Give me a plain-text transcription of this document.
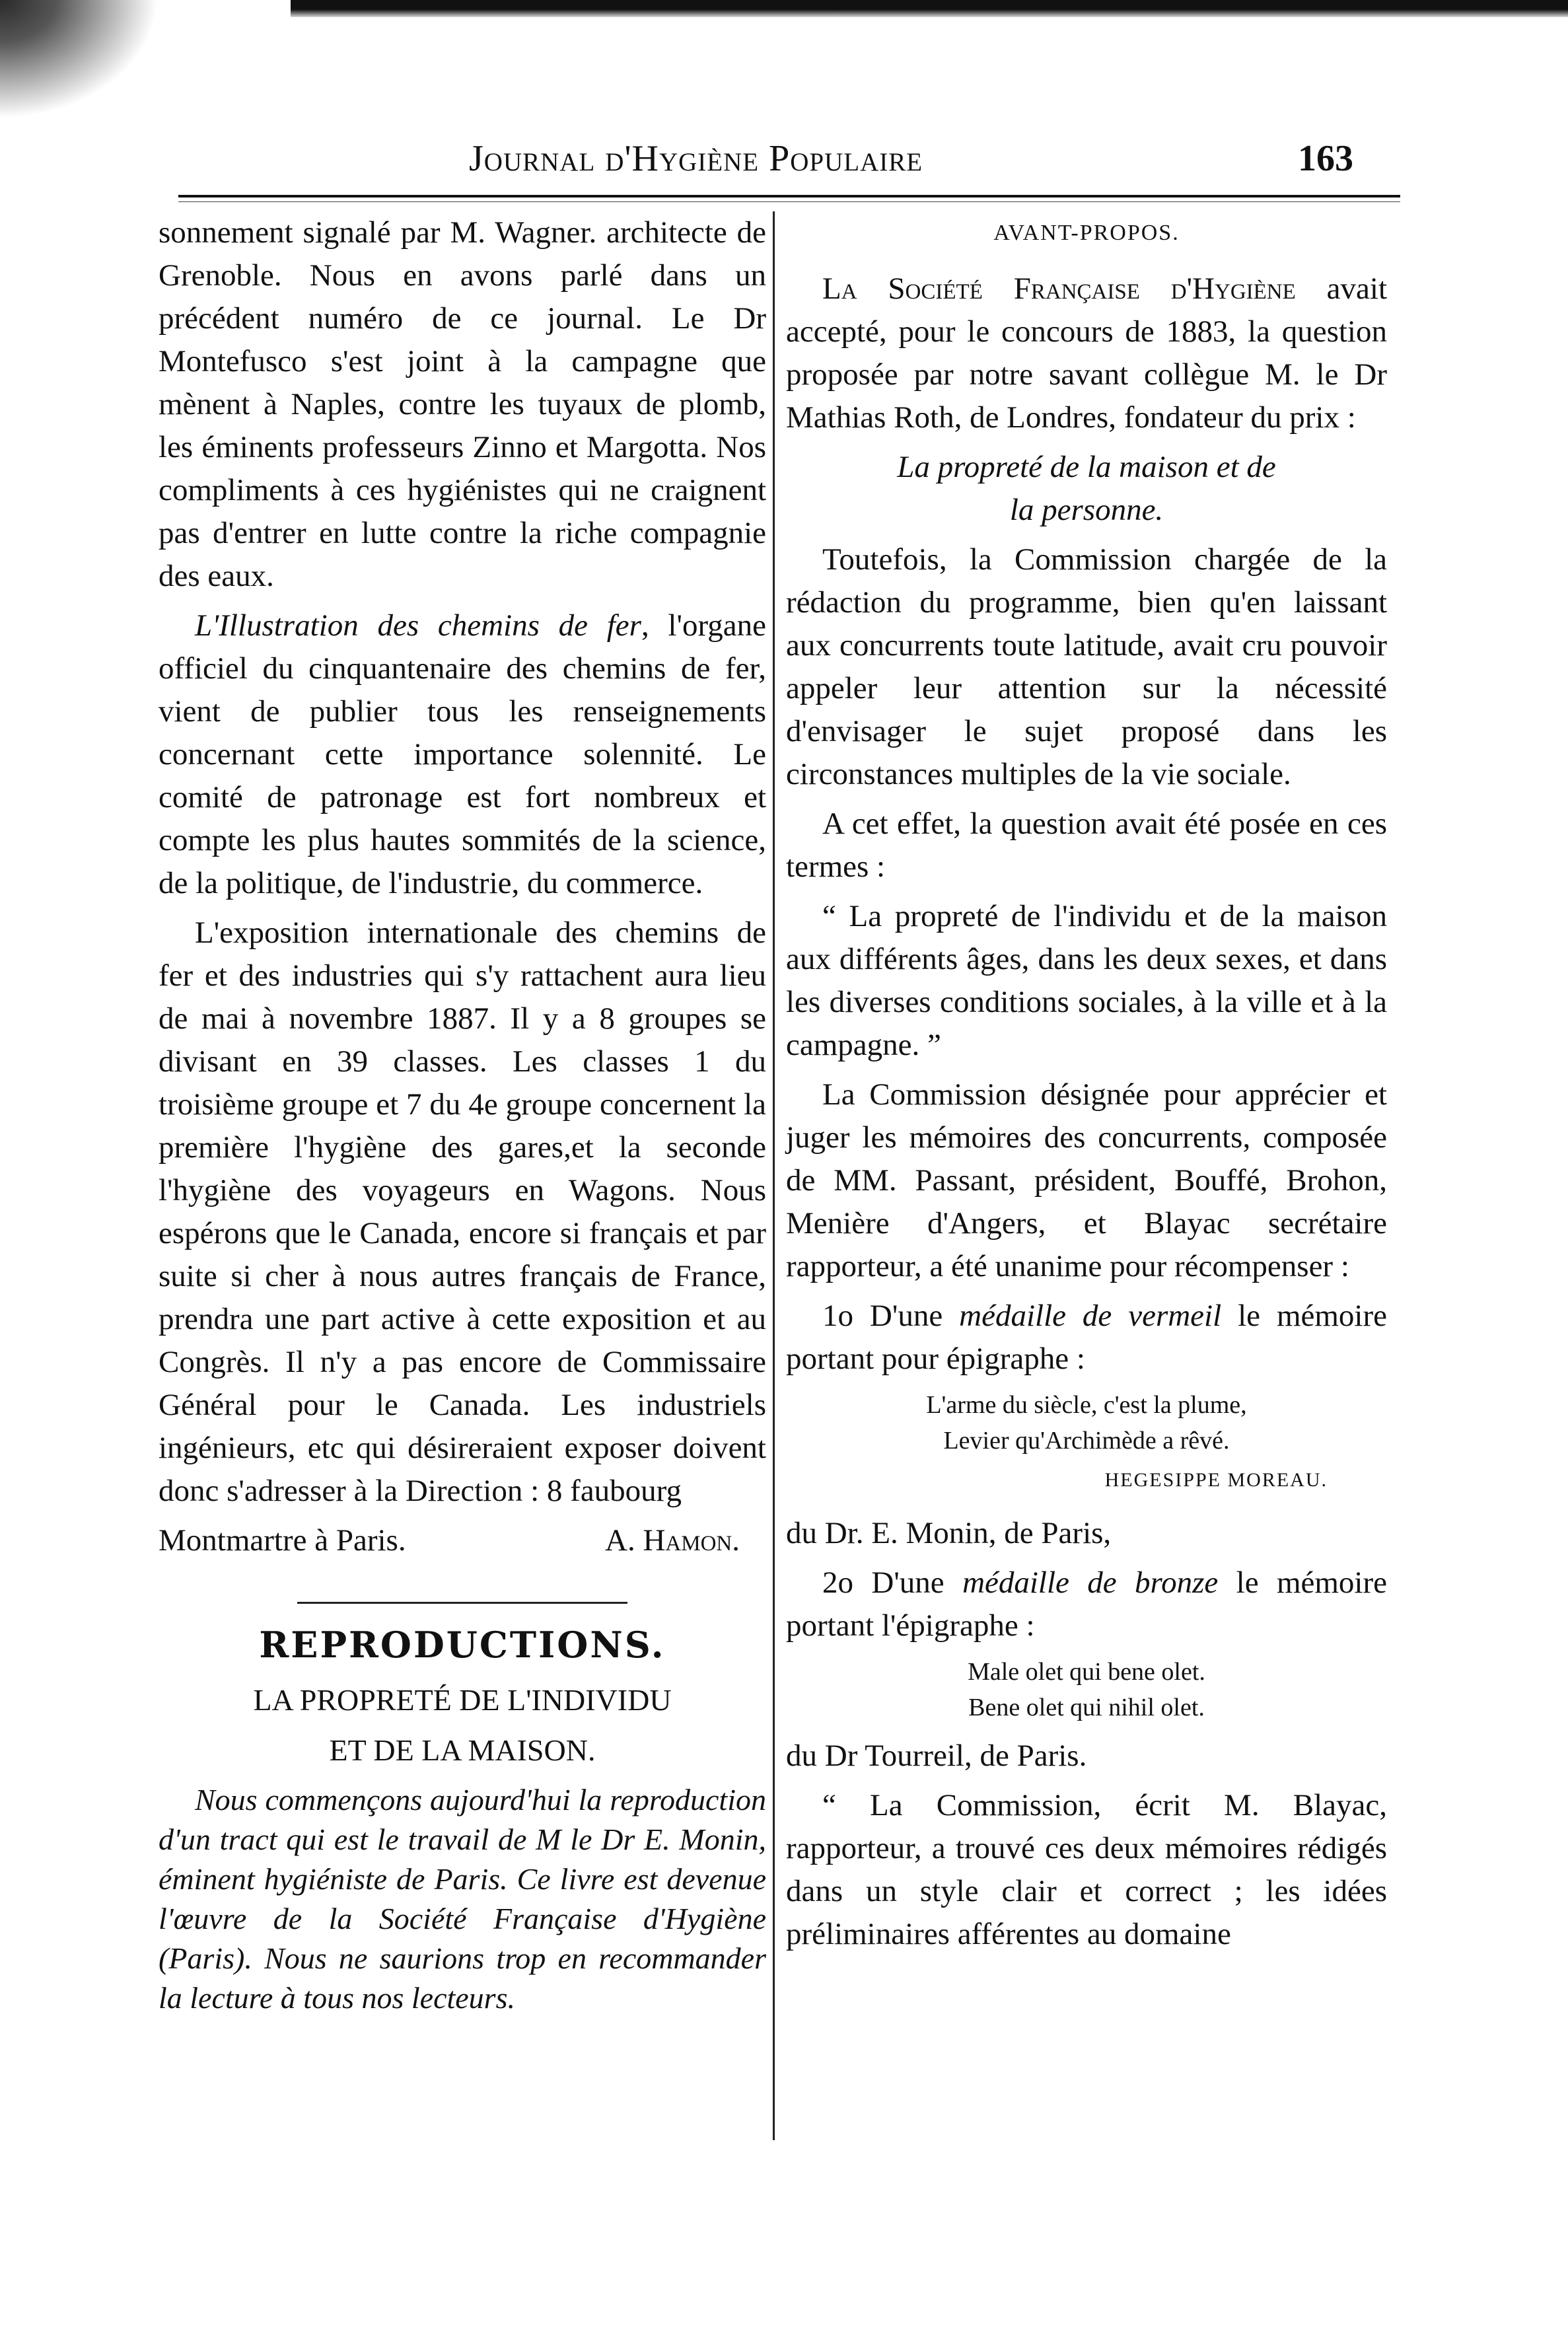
Journal d'Hygiène Populaire	163

sonnement signalé par M. Wagner. architecte de Grenoble. Nous en avons parlé dans un précédent numéro de ce journal. Le Dr Montefusco s'est joint à la campagne que mènent à Naples, contre les tuyaux de plomb, les éminents professeurs Zinno et Margotta. Nos compliments à ces hygiénistes qui ne craignent pas d'entrer en lutte contre la riche compagnie des eaux.

L'Illustration des chemins de fer, l'organe officiel du cinquantenaire des chemins de fer, vient de publier tous les renseignements concernant cette importance solennité. Le comité de patronage est fort nombreux et compte les plus hautes sommités de la science, de la politique, de l'industrie, du commerce.

L'exposition internationale des chemins de fer et des industries qui s'y rattachent aura lieu de mai à novembre 1887. Il y a 8 groupes se divisant en 39 classes. Les classes 1 du troisième groupe et 7 du 4e groupe concernent la première l'hygiène des gares,et la seconde l'hygiène des voyageurs en Wagons. Nous espérons que le Canada, encore si français et par suite si cher à nous autres français de France, prendra une part active à cette exposition et au Congrès. Il n'y a pas encore de Commissaire Général pour le Canada. Les industriels ingénieurs, etc qui désireraient exposer doivent donc s'adresser à la Direction : 8 faubourg

Montmartre à Paris.	A. Hamon.

REPRODUCTIONS.
LA PROPRETÉ DE L'INDIVIDU
ET DE LA MAISON.

Nous commençons aujourd'hui la reproduction d'un tract qui est le travail de M le Dr E. Monin, éminent hygiéniste de Paris. Ce livre est devenue l'œuvre de la Société Française d'Hygiène (Paris). Nous ne saurions trop en recommander la lecture à tous nos lecteurs.

AVANT-PROPOS.

La Société Française d'Hygiène avait accepté, pour le concours de 1883, la question proposée par notre savant collègue M. le Dr Mathias Roth, de Londres, fondateur du prix :

La propreté de la maison et de

la personne.

Toutefois, la Commission chargée de la rédaction du programme, bien qu'en laissant aux concurrents toute latitude, avait cru pouvoir appeler leur attention sur la nécessité d'envisager le sujet proposé dans les circonstances multiples de la vie sociale.

A cet effet, la question avait été posée en ces termes :

“ La propreté de l'individu et de la maison aux différents âges, dans les deux sexes, et dans les diverses conditions sociales, à la ville et à la campagne. ”

La Commission désignée pour apprécier et juger les mémoires des concurrents, composée de MM. Passant, président, Bouffé, Brohon, Menière d'Angers, et Blayac secrétaire rapporteur, a été unanime pour récompenser :

1o D'une médaille de vermeil le mémoire portant pour épigraphe :

L'arme du siècle, c'est la plume,

Levier qu'Archimède a rêvé.

HEGESIPPE MOREAU.

du Dr. E. Monin, de Paris,

2o D'une médaille de bronze le mémoire portant l'épigraphe :

Male olet qui bene olet.

Bene olet qui nihil olet.

du Dr Tourreil, de Paris.

“ La Commission, écrit M. Blayac, rapporteur, a trouvé ces deux mémoires rédigés dans un style clair et correct ; les idées préliminaires afférentes au domaine
